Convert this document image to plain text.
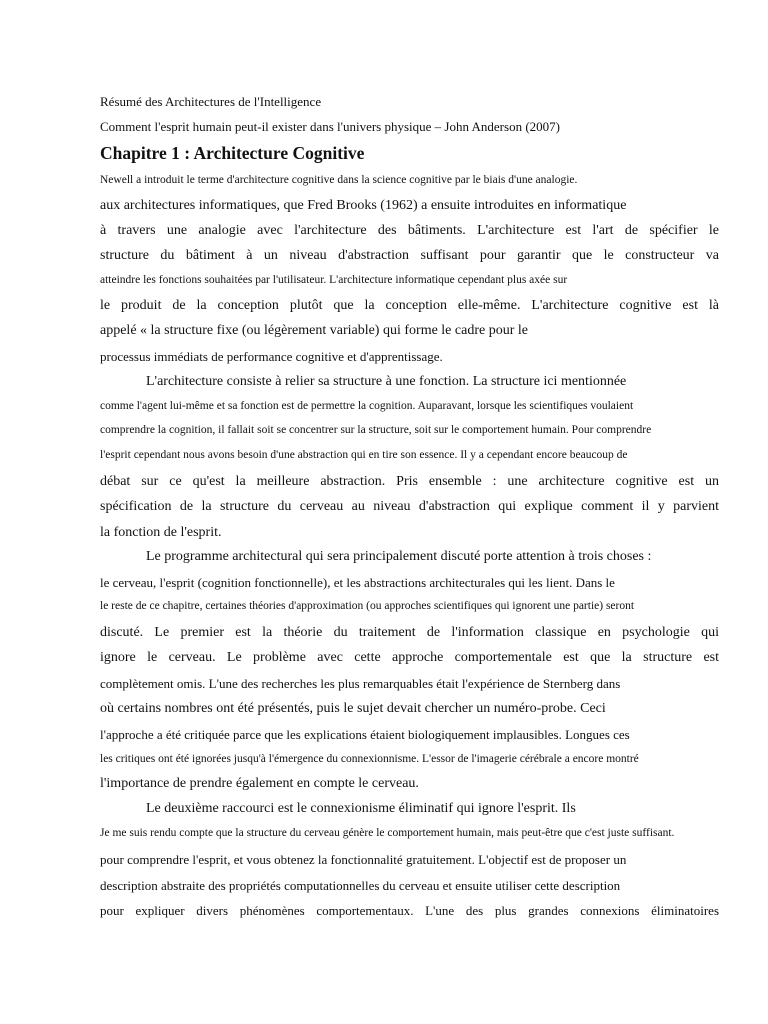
Résumé des Architectures de l'Intelligence
Comment l'esprit humain peut-il exister dans l'univers physique – John Anderson (2007)
Chapitre 1 : Architecture Cognitive
Newell a introduit le terme d'architecture cognitive dans la science cognitive par le biais d'une analogie.
aux architectures informatiques, que Fred Brooks (1962) a ensuite introduites en informatique
à travers une analogie avec l'architecture des bâtiments. L'architecture est l'art de spécifier le
structure du bâtiment à un niveau d'abstraction suffisant pour garantir que le constructeur va
atteindre les fonctions souhaitées par l'utilisateur. L'architecture informatique cependant plus axée sur
le produit de la conception plutôt que la conception elle-même. L'architecture cognitive est là
appelé « la structure fixe (ou légèrement variable) qui forme le cadre pour le
processus immédiats de performance cognitive et d'apprentissage.
L'architecture consiste à relier sa structure à une fonction. La structure ici mentionnée
comme l'agent lui-même et sa fonction est de permettre la cognition. Auparavant, lorsque les scientifiques voulaient
comprendre la cognition, il fallait soit se concentrer sur la structure, soit sur le comportement humain. Pour comprendre
l'esprit cependant nous avons besoin d'une abstraction qui en tire son essence. Il y a cependant encore beaucoup de
débat sur ce qu'est la meilleure abstraction. Pris ensemble : une architecture cognitive est un
spécification de la structure du cerveau au niveau d'abstraction qui explique comment il y parvient
la fonction de l'esprit.
Le programme architectural qui sera principalement discuté porte attention à trois choses :
le cerveau, l'esprit (cognition fonctionnelle), et les abstractions architecturales qui les lient. Dans le
le reste de ce chapitre, certaines théories d'approximation (ou approches scientifiques qui ignorent une partie) seront
discuté. Le premier est la théorie du traitement de l'information classique en psychologie qui
ignore le cerveau. Le problème avec cette approche comportementale est que la structure est
complètement omis. L'une des recherches les plus remarquables était l'expérience de Sternberg dans
où certains nombres ont été présentés, puis le sujet devait chercher un numéro-probe. Ceci
l'approche a été critiquée parce que les explications étaient biologiquement implausibles. Longues ces
les critiques ont été ignorées jusqu'à l'émergence du connexionnisme. L'essor de l'imagerie cérébrale a encore montré
l'importance de prendre également en compte le cerveau.
Le deuxième raccourci est le connexionisme éliminatif qui ignore l'esprit. Ils
Je me suis rendu compte que la structure du cerveau génère le comportement humain, mais peut-être que c'est juste suffisant.
pour comprendre l'esprit, et vous obtenez la fonctionnalité gratuitement. L'objectif est de proposer un
description abstraite des propriétés computationnelles du cerveau et ensuite utiliser cette description
pour expliquer divers phénomènes comportementaux. L'une des plus grandes connexions éliminatoires
